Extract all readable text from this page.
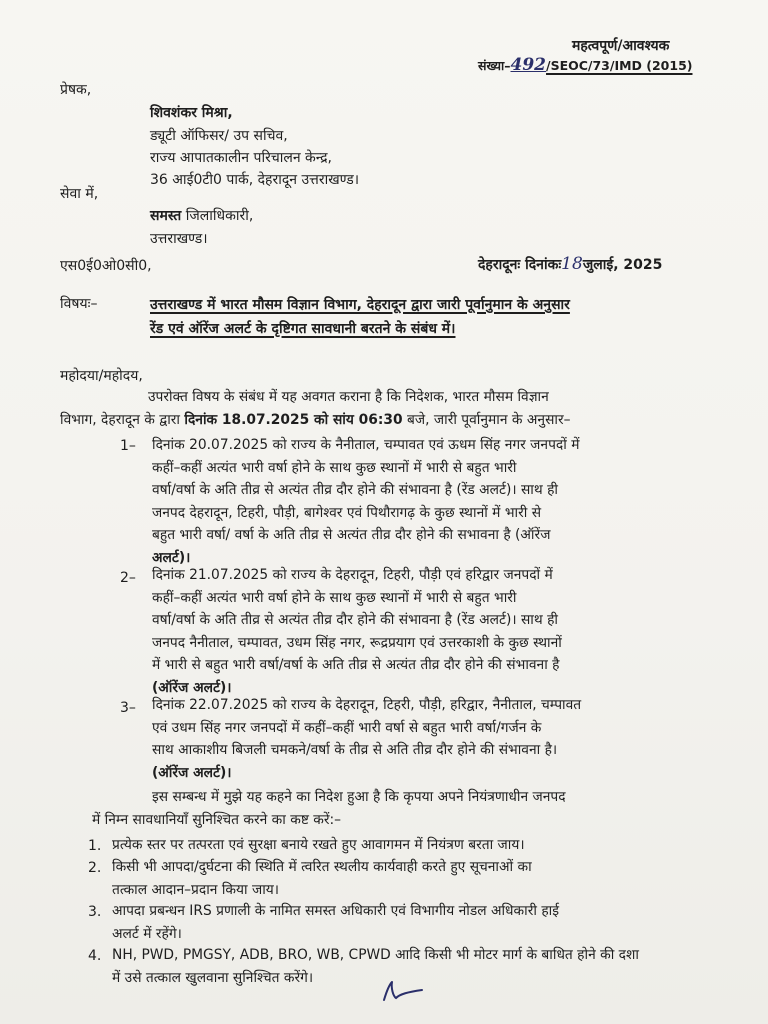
महत्वपूर्ण/आवश्यक
संख्या–492/SEOC/73/IMD (2015)
प्रेषक,
शिवशंकर मिश्रा,
ड्यूटी ऑफिसर/ उप सचिव,
राज्य आपातकालीन परिचालन केन्द्र,
36 आई0टी0 पार्क, देहरादून उत्तराखण्ड।
सेवा में,
समस्त जिलाधिकारी,
उत्तराखण्ड।
एस0ई0ओ0सी0,	देहरादूनः दिनांकः18जुलाई, 2025
विषयः–	उत्तराखण्ड में भारत मौसम विज्ञान विभाग, देहरादून द्वारा जारी पूर्वानुमान के अनुसार
रेंड एवं ऑरेंज अलर्ट के दृष्टिगत सावधानी बरतने के संबंध में।
महोदया/महोदय,
उपरोक्त विषय के संबंध में यह अवगत कराना है कि निदेशक, भारत मौसम विज्ञान
विभाग, देहरादून के द्वारा दिनांक 18.07.2025 को सांय 06:30 बजे, जारी पूर्वानुमान के अनुसार–
1– दिनांक 20.07.2025 को राज्य के नैनीताल, चम्पावत एवं ऊधम सिंह नगर जनपदों में
कहीं–कहीं अत्यंत भारी वर्षा होने के साथ कुछ स्थानों में भारी से बहुत भारी
वर्षा/वर्षा के अति तीव्र से अत्यंत तीव्र दौर होने की संभावना है (रेंड अलर्ट)। साथ ही
जनपद देहरादून, टिहरी, पौड़ी, बागेश्वर एवं पिथौरागढ़ के कुछ स्थानों में भारी से
बहुत भारी वर्षा/ वर्षा के अति तीव्र से अत्यंत तीव्र दौर होने की सभावना है (ऑरेंज
अलर्ट)।
2– दिनांक 21.07.2025 को राज्य के देहरादून, टिहरी, पौड़ी एवं हरिद्वार जनपदों में
कहीं–कहीं अत्यंत भारी वर्षा होने के साथ कुछ स्थानों में भारी से बहुत भारी
वर्षा/वर्षा के अति तीव्र से अत्यंत तीव्र दौर होने की संभावना है (रेंड अलर्ट)। साथ ही
जनपद नैनीताल, चम्पावत, उधम सिंह नगर, रूद्रप्रयाग एवं उत्तरकाशी के कुछ स्थानों
में भारी से बहुत भारी वर्षा/वर्षा के अति तीव्र से अत्यंत तीव्र दौर होने की संभावना है
(ऑरेंज अलर्ट)।
3– दिनांक 22.07.2025 को राज्य के देहरादून, टिहरी, पौड़ी, हरिद्वार, नैनीताल, चम्पावत
एवं उधम सिंह नगर जनपदों में कहीं–कहीं भारी वर्षा से बहुत भारी वर्षा/गर्जन के
साथ आकाशीय बिजली चमकने/वर्षा के तीव्र से अति तीव्र दौर होने की संभावना है।
(ऑरेंज अलर्ट)।
इस सम्बन्ध में मुझे यह कहने का निदेश हुआ है कि कृपया अपने नियंत्रणाधीन जनपद
में निम्न सावधानियाँ सुनिश्चित करने का कष्ट करें:–
1. प्रत्येक स्तर पर तत्परता एवं सुरक्षा बनाये रखते हुए आवागमन में नियंत्रण बरता जाय।
2. किसी भी आपदा/दुर्घटना की स्थिति में त्वरित स्थलीय कार्यवाही करते हुए सूचनाओं का
तत्काल आदान–प्रदान किया जाय।
3. आपदा प्रबन्धन IRS प्रणाली के नामित समस्त अधिकारी एवं विभागीय नोडल अधिकारी हाई
अलर्ट में रहेंगे।
4. NH, PWD, PMGSY, ADB, BRO, WB, CPWD आदि किसी भी मोटर मार्ग के बाधित होने की दशा
में उसे तत्काल खुलवाना सुनिश्चित करेंगे।
